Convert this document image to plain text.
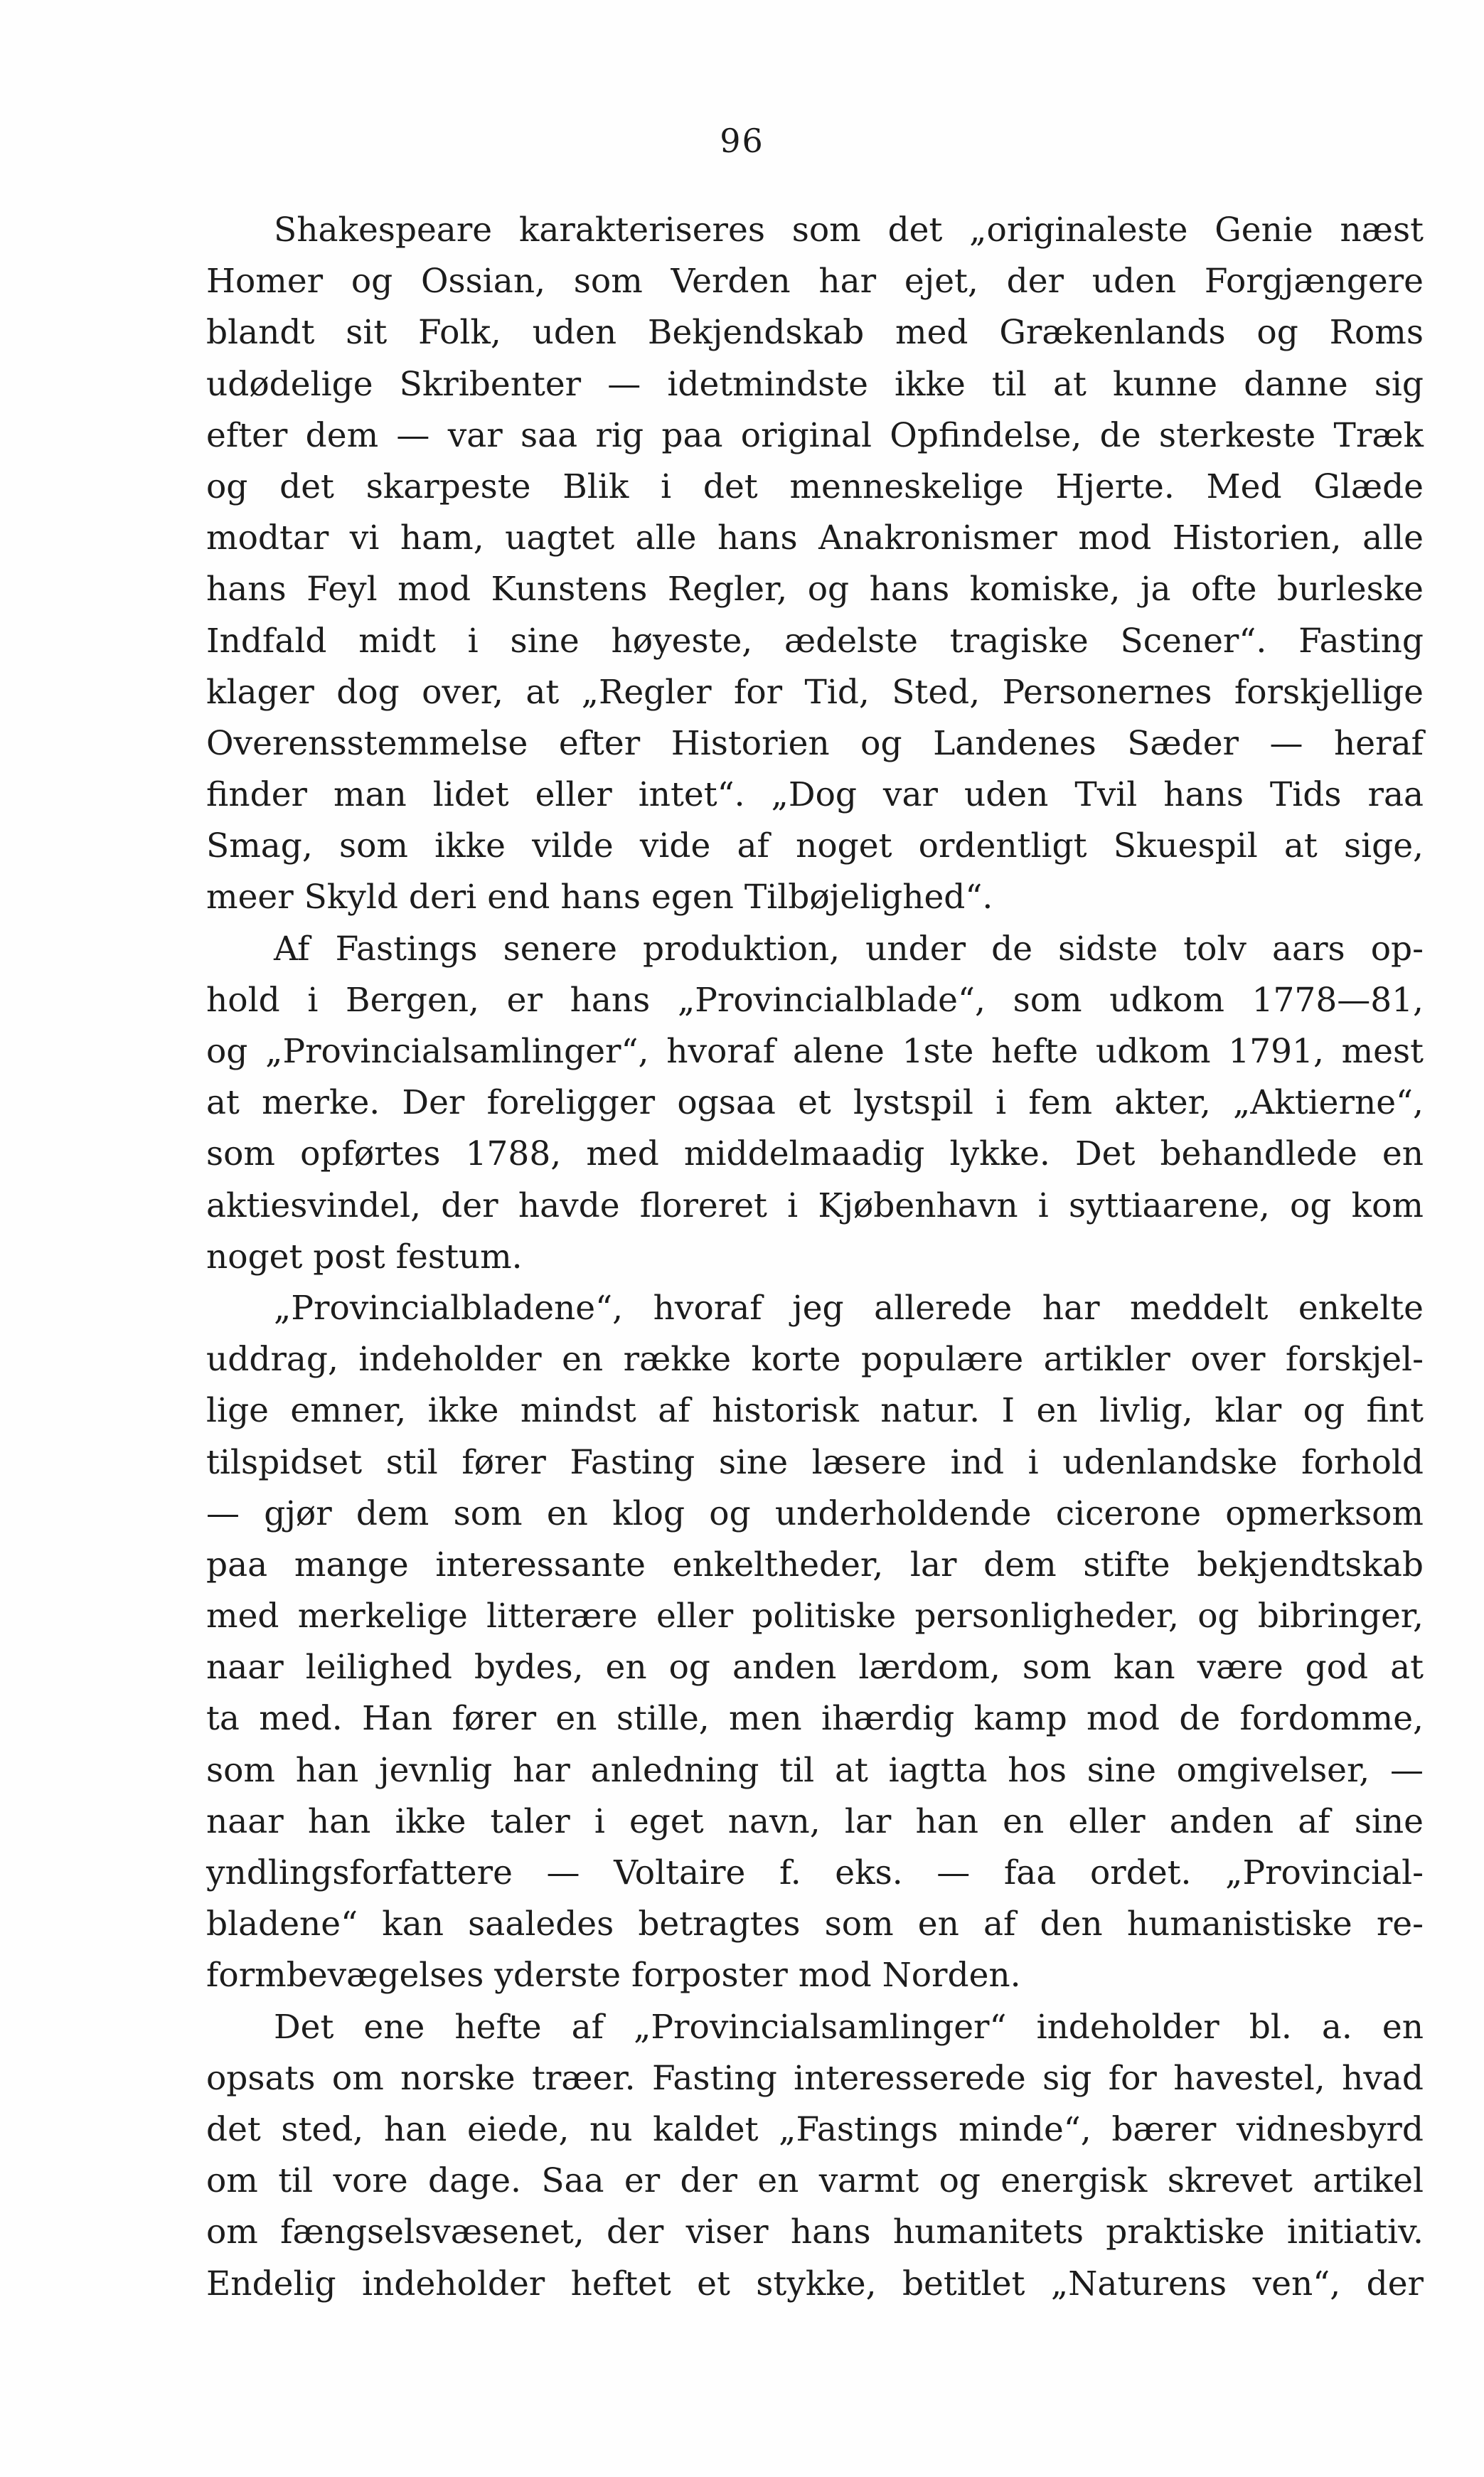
96
Shakespeare karakteriseres som det „originaleste Genie næst
Homer og Ossian, som Verden har ejet, der uden Forgjængere
blandt sit Folk, uden Bekjendskab med Grækenlands og Roms
udødelige Skribenter — idetmindste ikke til at kunne danne sig
efter dem — var saa rig paa original Opfindelse, de sterkeste Træk
og det skarpeste Blik i det menneskelige Hjerte. Med Glæde
modtar vi ham, uagtet alle hans Anakronismer mod Historien, alle
hans Feyl mod Kunstens Regler, og hans komiske, ja ofte burleske
Indfald midt i sine høyeste, ædelste tragiske Scener“. Fasting
klager dog over, at „Regler for Tid, Sted, Personernes forskjellige
Overensstemmelse efter Historien og Landenes Sæder — heraf
finder man lidet eller intet“. „Dog var uden Tvil hans Tids raa
Smag, som ikke vilde vide af noget ordentligt Skuespil at sige,
meer Skyld deri end hans egen Tilbøjelighed“.
Af Fastings senere produktion, under de sidste tolv aars op-
hold i Bergen, er hans „Provincialblade“, som udkom 1778—81,
og „Provincialsamlinger“, hvoraf alene 1ste hefte udkom 1791, mest
at merke. Der foreligger ogsaa et lystspil i fem akter, „Aktierne“,
som opførtes 1788, med middelmaadig lykke. Det behandlede en
aktiesvindel, der havde floreret i Kjøbenhavn i syttiaarene, og kom
noget post festum.
„Provincialbladene“, hvoraf jeg allerede har meddelt enkelte
uddrag, indeholder en række korte populære artikler over forskjel-
lige emner, ikke mindst af historisk natur. I en livlig, klar og fint
tilspidset stil fører Fasting sine læsere ind i udenlandske forhold
— gjør dem som en klog og underholdende cicerone opmerksom
paa mange interessante enkeltheder, lar dem stifte bekjendtskab
med merkelige litterære eller politiske personligheder, og bibringer,
naar leilighed bydes, en og anden lærdom, som kan være god at
ta med. Han fører en stille, men ihærdig kamp mod de fordomme,
som han jevnlig har anledning til at iagtta hos sine omgivelser, —
naar han ikke taler i eget navn, lar han en eller anden af sine
yndlingsforfattere — Voltaire f. eks. — faa ordet. „Provincial-
bladene“ kan saaledes betragtes som en af den humanistiske re-
formbevægelses yderste forposter mod Norden.
Det ene hefte af „Provincialsamlinger“ indeholder bl. a. en
opsats om norske træer. Fasting interesserede sig for havestel, hvad
det sted, han eiede, nu kaldet „Fastings minde“, bærer vidnesbyrd
om til vore dage. Saa er der en varmt og energisk skrevet artikel
om fængselsvæsenet, der viser hans humanitets praktiske initiativ.
Endelig indeholder heftet et stykke, betitlet „Naturens ven“, der
